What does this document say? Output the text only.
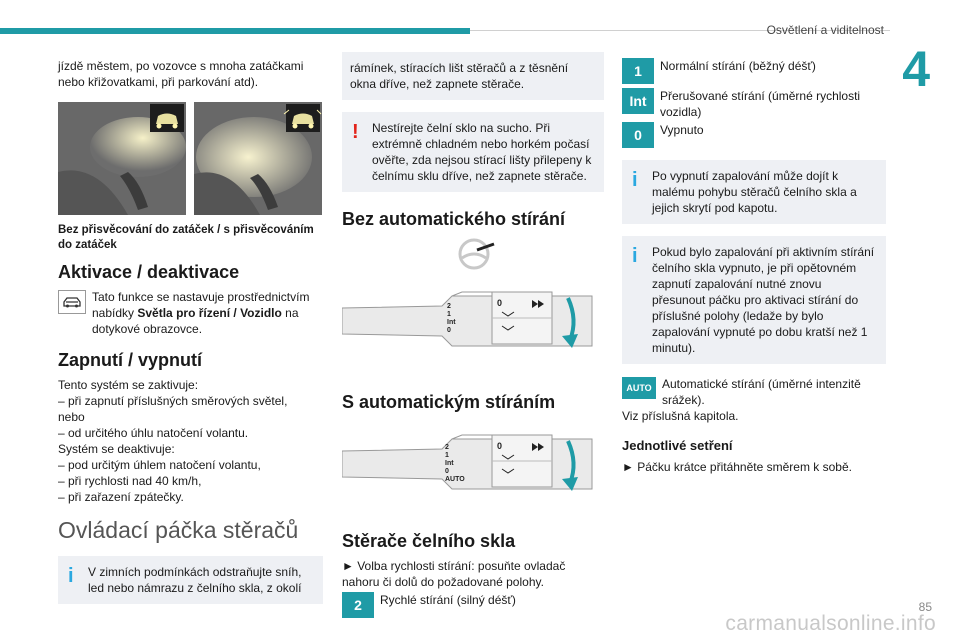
Osvětlení a viditelnost
4
carmanualsonline.info
85

jízdě městem, po vozovce s mnoha zatáčkami nebo křižovatkami, při parkování atd).

Bez přisvěcování do zatáček / s přisvěcováním do zatáček
Aktivace / deaktivace

Tato funkce se nastavuje prostřednictvím nabídky Světla pro řízení / Vozidlo na dotykové obrazovce.

Zapnutí / vypnutí

Tento systém se zaktivuje:

– při zapnutí příslušných směrových světel,

nebo

– od určitého úhlu natočení volantu.

Systém se deaktivuje:

– pod určitým úhlem natočení volantu,

– při rychlosti nad 40 km/h,

– při zařazení zpátečky.

Ovládací páčka stěračů
i	V zimních podmínkách odstraňujte sníh, led nebo námrazu z čelního skla, z okolí
rámínek, stíracích lišt stěračů a z těsnění okna dříve, než zapnete stěrače.
!	Nestírejte čelní sklo na sucho. Při extrémně chladném nebo horkém počasí ověřte, zda nejsou stírací lišty přilepeny k čelnímu sklu dříve, než zapnete stěrače.
Bez automatického stírání
2
1
Int
0
0
S automatickým stíráním
2
1
Int
0
AUTO
0
Stěrače čelního skla

► Volba rychlosti stírání: posuňte ovladač nahoru či dolů do požadované polohy.

2	Rychlé stírání (silný déšť)

1	Normální stírání (běžný déšť)

Int	Přerušované stírání (úměrné rychlosti vozidla)

0	Vypnuto

i	Po vypnutí zapalování může dojít k malému pohybu stěračů čelního skla a jejich skrytí pod kapotu.
i	Pokud bylo zapalování při aktivním stírání čelního skla vypnuto, je při opětovném zapnutí zapalování nutné znovu přesunout páčku pro aktivaci stírání do příslušné polohy (ledaže by bylo zapalování vypnuté po dobu kratší než 1 minutu).
AUTO Automatické stírání (úměrné intenzitě srážek).

Viz příslušná kapitola.

Jednotlivé setření

► Páčku krátce přitáhněte směrem k sobě.
